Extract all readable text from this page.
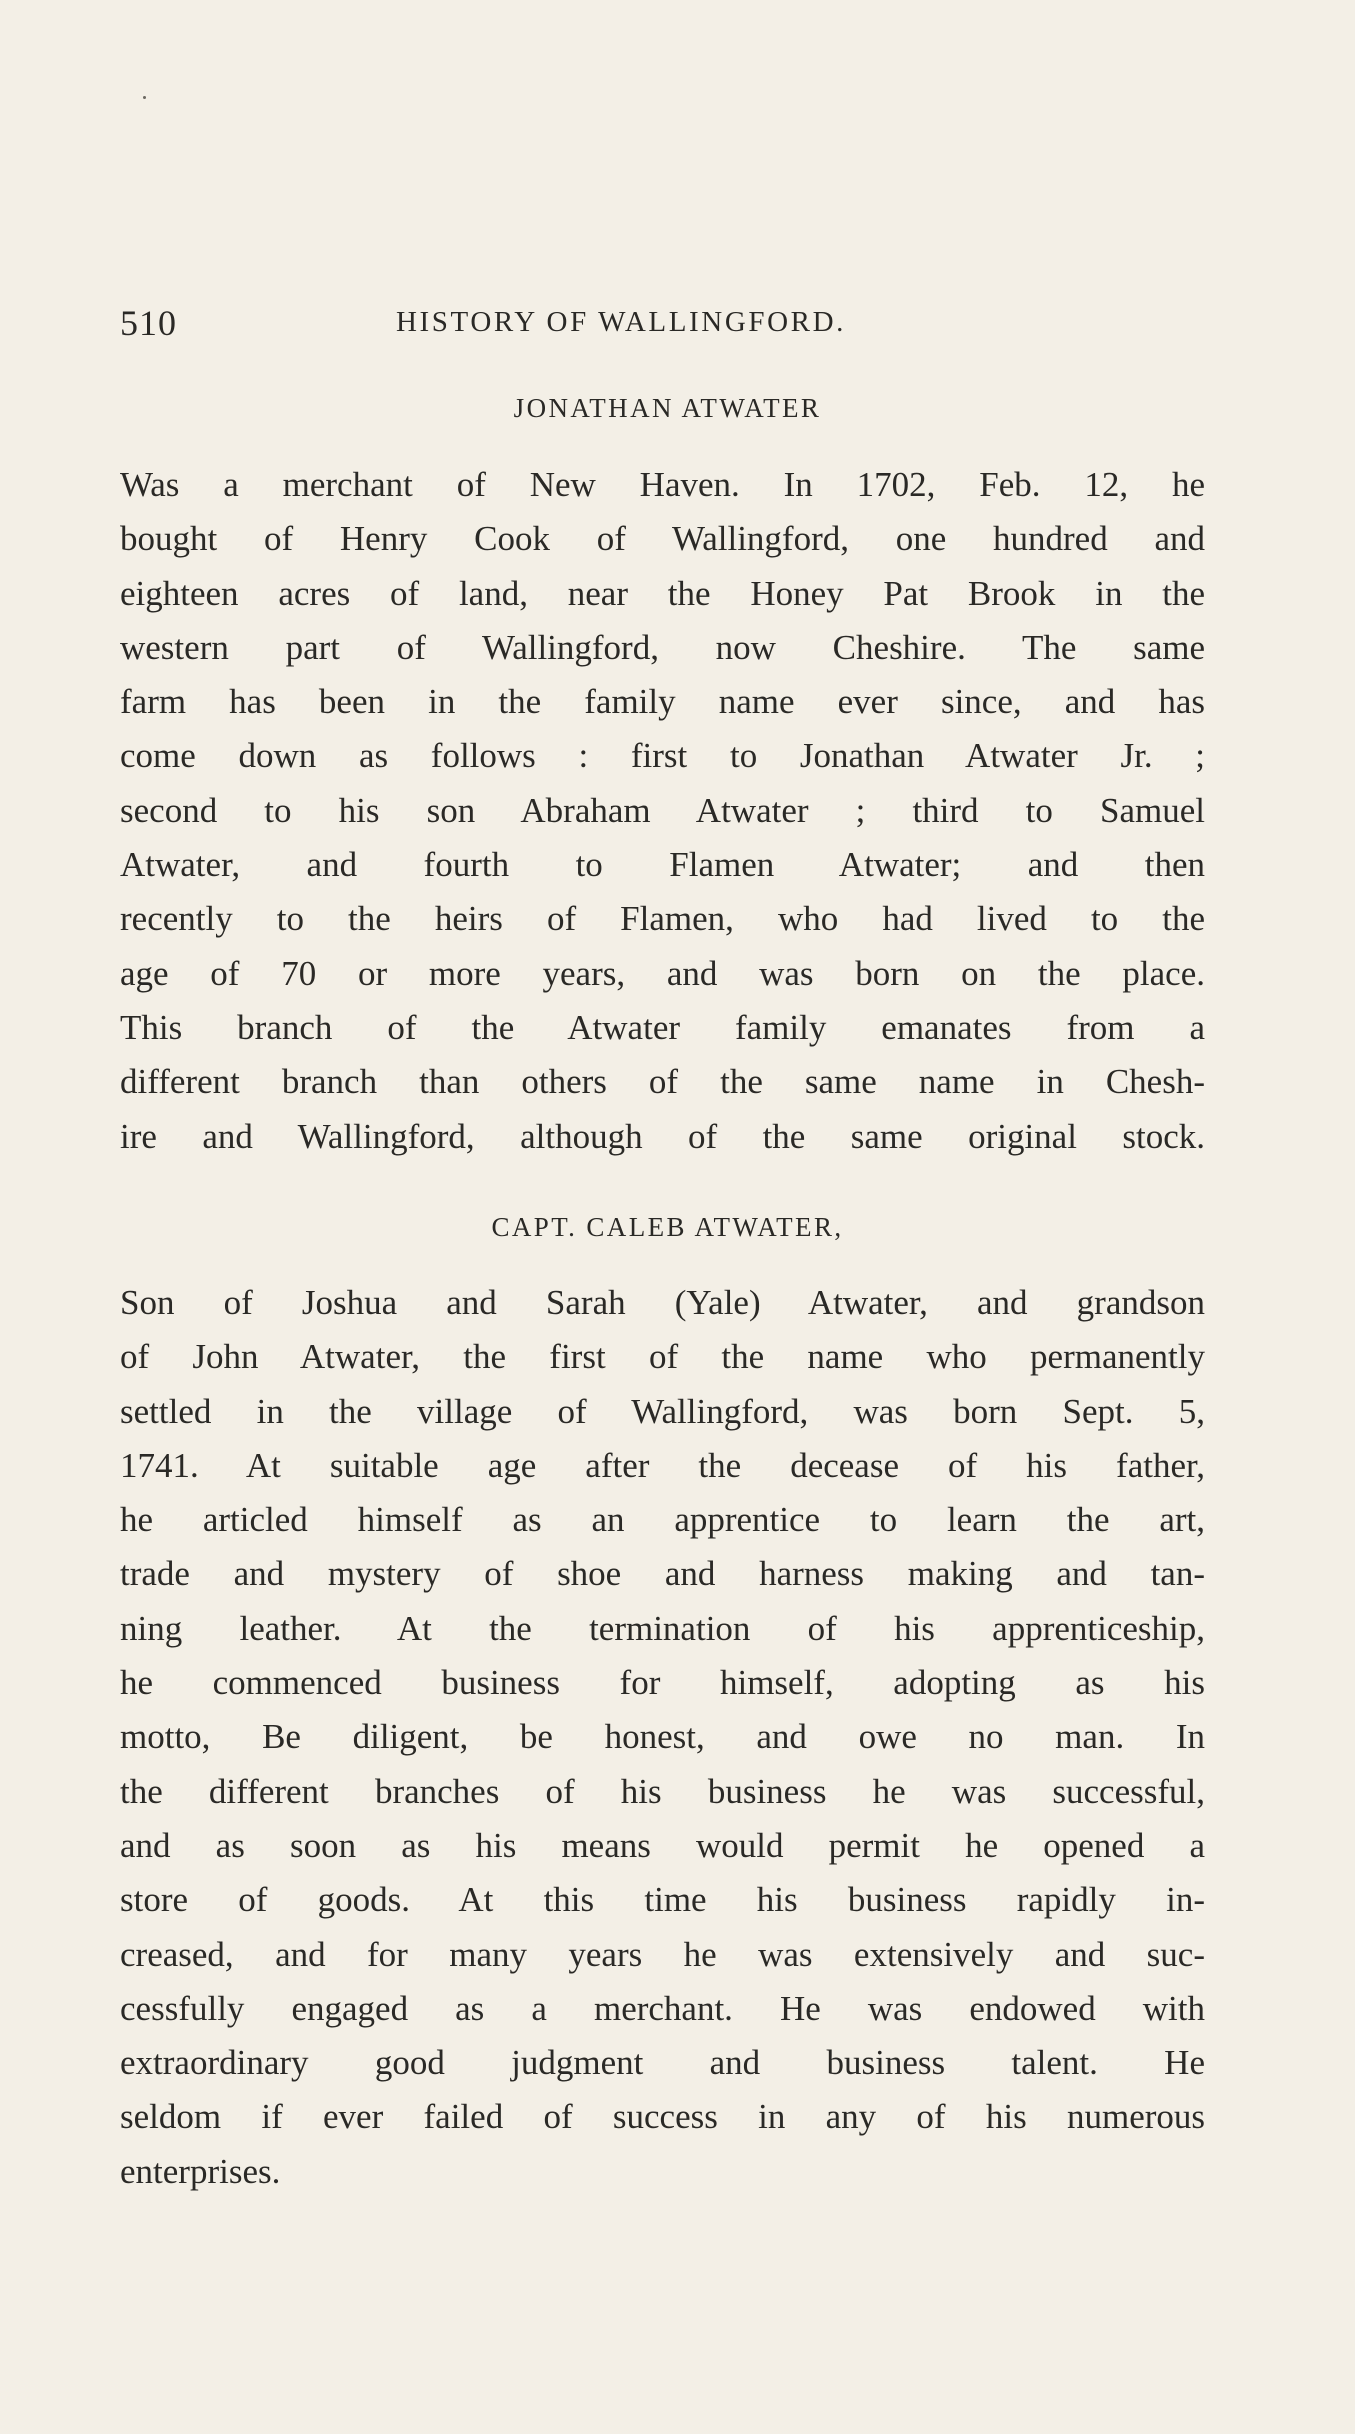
510	HISTORY OF WALLINGFORD.
JONATHAN ATWATER
Was a merchant of New Haven. In 1702, Feb. 12, he
bought of Henry Cook of Wallingford, one hundred and
eighteen acres of land, near the Honey Pat Brook in the
western part of Wallingford, now Cheshire. The same
farm has been in the family name ever since, and has
come down as follows : first to Jonathan Atwater Jr. ;
second to his son Abraham Atwater ; third to Samuel
Atwater, and fourth to Flamen Atwater; and then
recently to the heirs of Flamen, who had lived to the
age of 70 or more years, and was born on the place.
This branch of the Atwater family emanates from a
different branch than others of the same name in Chesh-
ire and Wallingford, although of the same original stock.
CAPT. CALEB ATWATER,
Son of Joshua and Sarah (Yale) Atwater, and grandson
of John Atwater, the first of the name who permanently
settled in the village of Wallingford, was born Sept. 5,
1741. At suitable age after the decease of his father,
he articled himself as an apprentice to learn the art,
trade and mystery of shoe and harness making and tan-
ning leather. At the termination of his apprenticeship,
he commenced business for himself, adopting as his
motto, Be diligent, be honest, and owe no man. In
the different branches of his business he was successful,
and as soon as his means would permit he opened a
store of goods. At this time his business rapidly in-
creased, and for many years he was extensively and suc-
cessfully engaged as a merchant. He was endowed with
extraordinary good judgment and business talent. He
seldom if ever failed of success in any of his numerous
enterprises.
